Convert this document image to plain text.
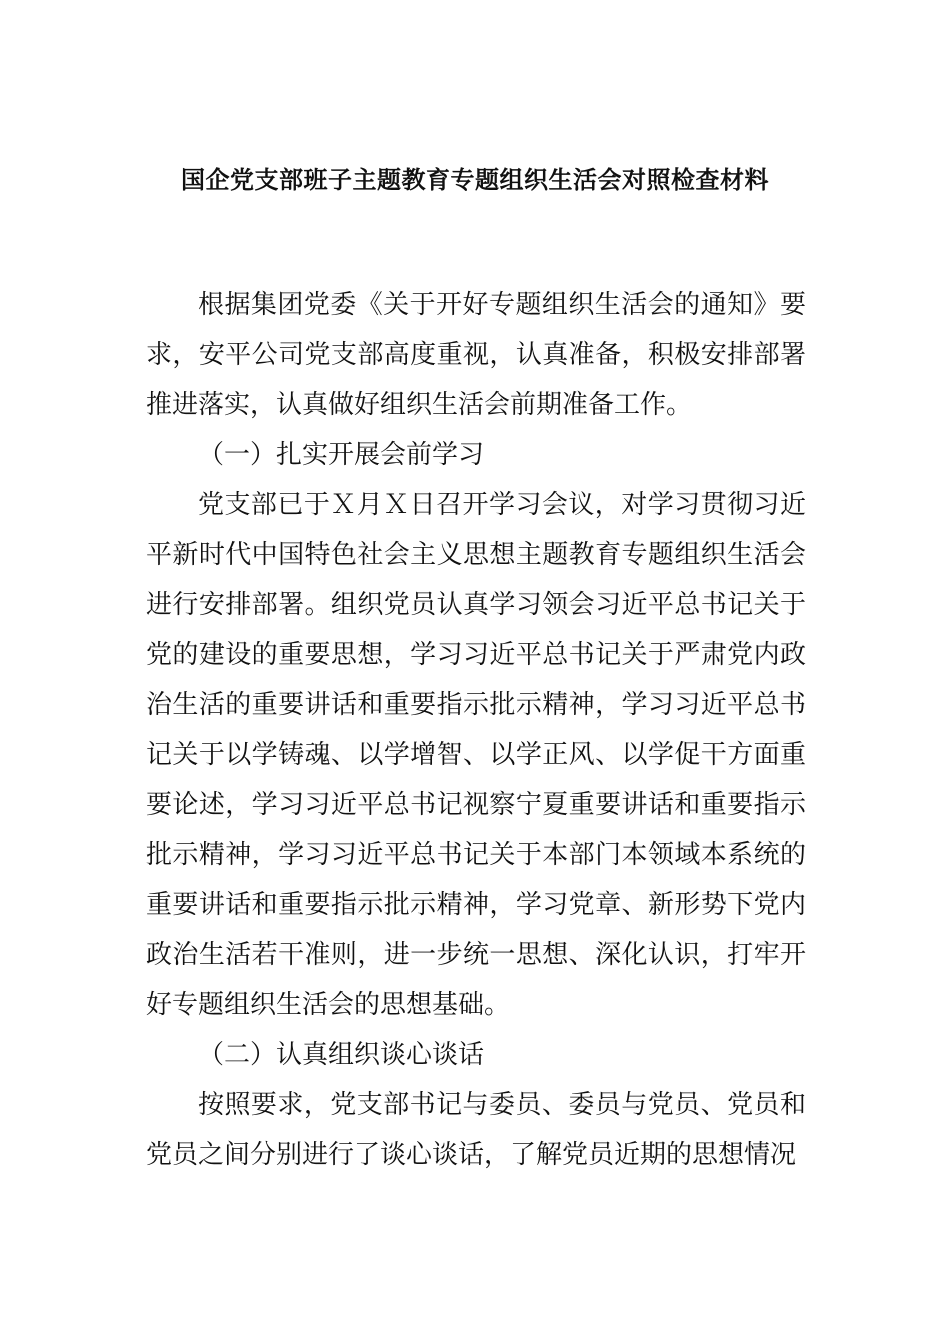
国企党支部班子主题教育专题组织生活会对照检查材料

根据集团党委《关于开好专题组织生活会的通知》要求，安平公司党支部高度重视，认真准备，积极安排部署推进落实，认真做好组织生活会前期准备工作。

（一）扎实开展会前学习

党支部已于Ｘ月Ｘ日召开学习会议，对学习贯彻习近平新时代中国特色社会主义思想主题教育专题组织生活会进行安排部署。组织党员认真学习领会习近平总书记关于党的建设的重要思想，学习习近平总书记关于严肃党内政治生活的重要讲话和重要指示批示精神，学习习近平总书记关于以学铸魂、以学增智、以学正风、以学促干方面重要论述，学习习近平总书记视察宁夏重要讲话和重要指示批示精神，学习习近平总书记关于本部门本领域本系统的重要讲话和重要指示批示精神，学习党章、新形势下党内政治生活若干准则，进一步统一思想、深化认识，打牢开好专题组织生活会的思想基础。

（二）认真组织谈心谈话

按照要求，党支部书记与委员、委员与党员、党员和党员之间分别进行了谈心谈话，了解党员近期的思想情况
